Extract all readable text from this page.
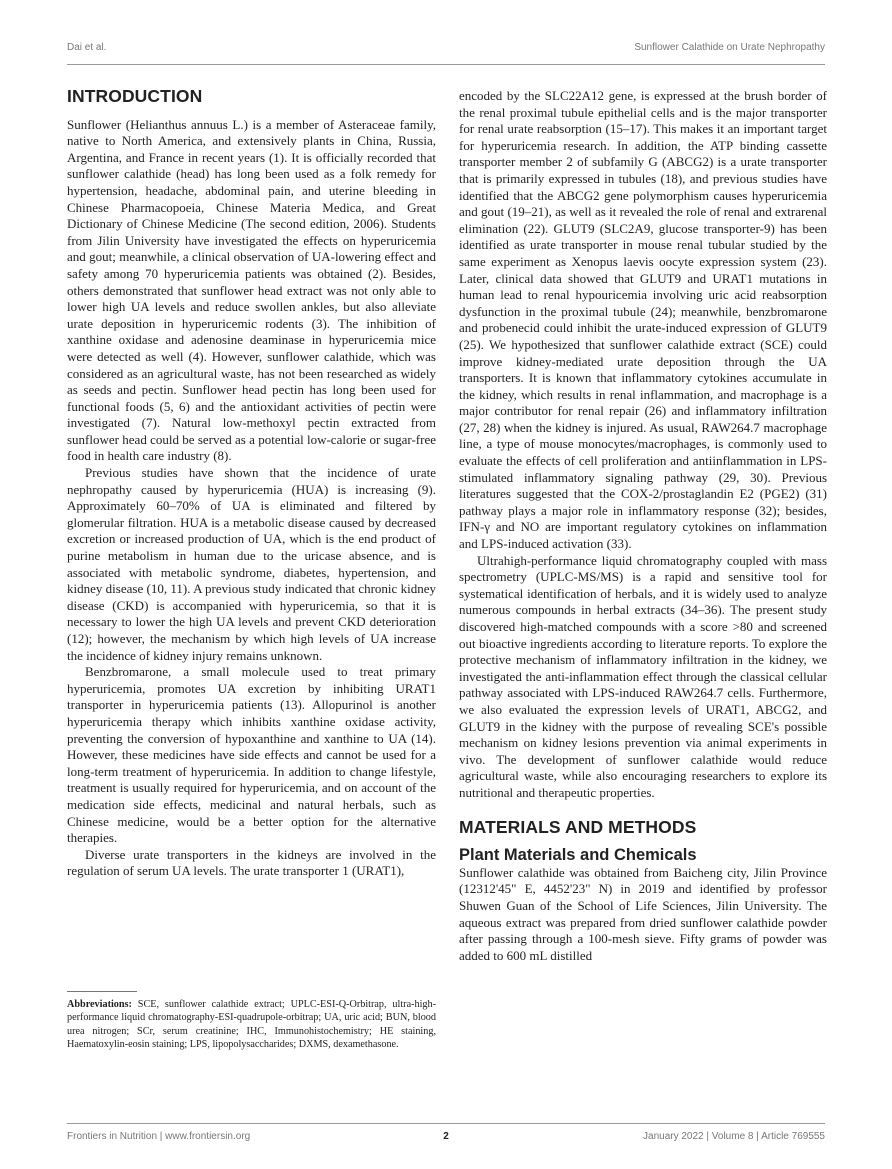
Dai et al.	Sunflower Calathide on Urate Nephropathy
INTRODUCTION

Sunflower (Helianthus annuus L.) is a member of Asteraceae family, native to North America, and extensively plants in China, Russia, Argentina, and France in recent years (1). It is officially recorded that sunflower calathide (head) has long been used as a folk remedy for hypertension, headache, abdominal pain, and uterine bleeding in Chinese Pharmacopoeia, Chinese Materia Medica, and Great Dictionary of Chinese Medicine (The second edition, 2006). Students from Jilin University have investigated the effects on hyperuricemia and gout; meanwhile, a clinical observation of UA-lowering effect and safety among 70 hyperuricemia patients was obtained (2). Besides, others demonstrated that sunflower head extract was not only able to lower high UA levels and reduce swollen ankles, but also alleviate urate deposition in hyperuricemic rodents (3). The inhibition of xanthine oxidase and adenosine deaminase in hyperuricemia mice were detected as well (4). However, sunflower calathide, which was considered as an agricultural waste, has not been researched as widely as seeds and pectin. Sunflower head pectin has long been used for functional foods (5, 6) and the antioxidant activities of pectin were investigated (7). Natural low-methoxyl pectin extracted from sunflower head could be served as a potential low-calorie or sugar-free food in health care industry (8).

Previous studies have shown that the incidence of urate nephropathy caused by hyperuricemia (HUA) is increasing (9). Approximately 60–70% of UA is eliminated and filtered by glomerular filtration. HUA is a metabolic disease caused by decreased excretion or increased production of UA, which is the end product of purine metabolism in human due to the uricase absence, and is associated with metabolic syndrome, diabetes, hypertension, and kidney disease (10, 11). A previous study indicated that chronic kidney disease (CKD) is accompanied with hyperuricemia, so that it is necessary to lower the high UA levels and prevent CKD deterioration (12); however, the mechanism by which high levels of UA increase the incidence of kidney injury remains unknown.

Benzbromarone, a small molecule used to treat primary hyperuricemia, promotes UA excretion by inhibiting URAT1 transporter in hyperuricemia patients (13). Allopurinol is another hyperuricemia therapy which inhibits xanthine oxidase activity, preventing the conversion of hypoxanthine and xanthine to UA (14). However, these medicines have side effects and cannot be used for a long-term treatment of hyperuricemia. In addition to change lifestyle, treatment is usually required for hyperuricemia, and on account of the medication side effects, medicinal and natural herbals, such as Chinese medicine, would be a better option for the alternative therapies.

Diverse urate transporters in the kidneys are involved in the regulation of serum UA levels. The urate transporter 1 (URAT1),

Abbreviations: SCE, sunflower calathide extract; UPLC-ESI-Q-Orbitrap, ultra-high-performance liquid chromatography-ESI-quadrupole-orbitrap; UA, uric acid; BUN, blood urea nitrogen; SCr, serum creatinine; IHC, Immunohistochemistry; HE staining, Haematoxylin-eosin staining; LPS, lipopolysaccharides; DXMS, dexamethasone.

encoded by the SLC22A12 gene, is expressed at the brush border of the renal proximal tubule epithelial cells and is the major transporter for renal urate reabsorption (15–17). This makes it an important target for hyperuricemia research. In addition, the ATP binding cassette transporter member 2 of subfamily G (ABCG2) is a urate transporter that is primarily expressed in tubules (18), and previous studies have identified that the ABCG2 gene polymorphism causes hyperuricemia and gout (19–21), as well as it revealed the role of renal and extrarenal elimination (22). GLUT9 (SLC2A9, glucose transporter-9) has been identified as urate transporter in mouse renal tubular studied by the same experiment as Xenopus laevis oocyte expression system (23). Later, clinical data showed that GLUT9 and URAT1 mutations in human lead to renal hypouricemia involving uric acid reabsorption dysfunction in the proximal tubule (24); meanwhile, benzbromarone and probenecid could inhibit the urate-induced expression of GLUT9 (25). We hypothesized that sunflower calathide extract (SCE) could improve kidney-mediated urate deposition through the UA transporters. It is known that inflammatory cytokines accumulate in the kidney, which results in renal inflammation, and macrophage is a major contributor for renal repair (26) and inflammatory infiltration (27, 28) when the kidney is injured. As usual, RAW264.7 macrophage line, a type of mouse monocytes/macrophages, is commonly used to evaluate the effects of cell proliferation and antiinflammation in LPS-stimulated inflammatory signaling pathway (29, 30). Previous literatures suggested that the COX-2/prostaglandin E2 (PGE2) (31) pathway plays a major role in inflammatory response (32); besides, IFN-γ and NO are important regulatory cytokines on inflammation and LPS-induced activation (33).

Ultrahigh-performance liquid chromatography coupled with mass spectrometry (UPLC-MS/MS) is a rapid and sensitive tool for systematical identification of herbals, and it is widely used to analyze numerous compounds in herbal extracts (34–36). The present study discovered high-matched compounds with a score >80 and screened out bioactive ingredients according to literature reports. To explore the protective mechanism of inflammatory infiltration in the kidney, we investigated the anti-inflammation effect through the classical cellular pathway associated with LPS-induced RAW264.7 cells. Furthermore, we also evaluated the expression levels of URAT1, ABCG2, and GLUT9 in the kidney with the purpose of revealing SCE's possible mechanism on kidney lesions prevention via animal experiments in vivo. The development of sunflower calathide would reduce agricultural waste, while also encouraging researchers to explore its nutritional and therapeutic properties.

MATERIALS AND METHODS
Plant Materials and Chemicals

Sunflower calathide was obtained from Baicheng city, Jilin Province (12312'45" E, 4452'23" N) in 2019 and identified by professor Shuwen Guan of the School of Life Sciences, Jilin University. The aqueous extract was prepared from dried sunflower calathide powder after passing through a 100-mesh sieve. Fifty grams of powder was added to 600 mL distilled

Frontiers in Nutrition | www.frontiersin.org	2	January 2022 | Volume 8 | Article 769555
